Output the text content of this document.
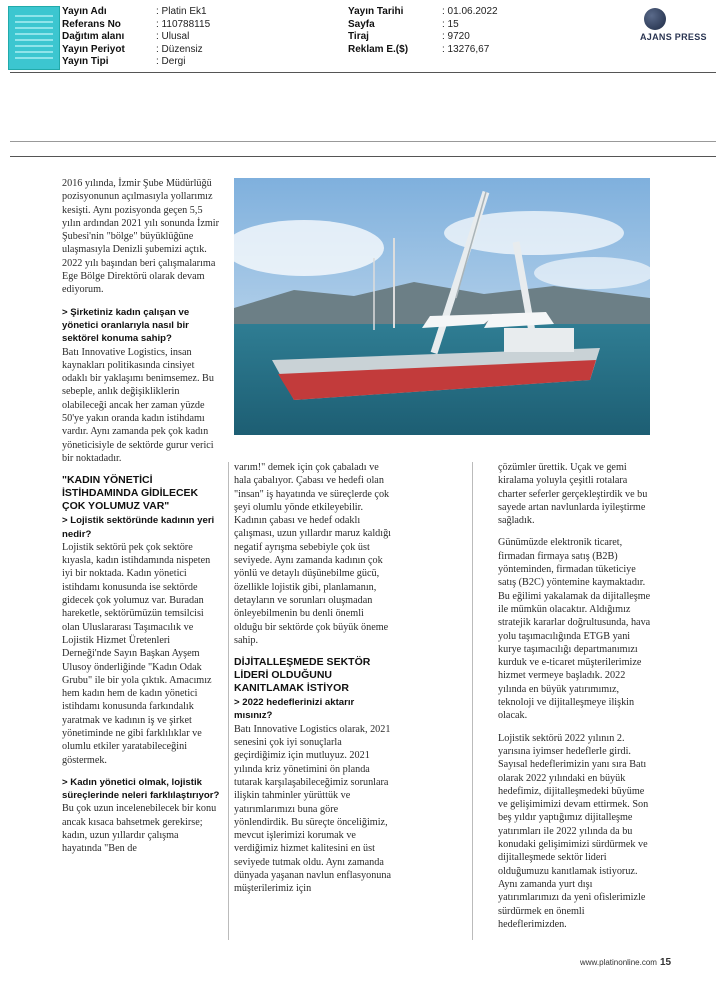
Yayın Adı	: Platin Ek1
Referans No	: 110788115
Dağıtım alanı	: Ulusal
Yayın Periyot	: Düzensiz
Yayın Tipi	: Dergi
Yayın Tarihi	: 01.06.2022
Sayfa	: 15
Tiraj	: 9720
Reklam E.($)	: 13276,67
AJANS PRESS

2016 yılında, İzmir Şube Müdürlüğü pozisyonunun açılmasıyla yollarımız kesişti. Aynı pozisyonda geçen 5,5 yılın ardından 2021 yılı sonunda İzmir Şubesi'nin "bölge" büyüklüğüne ulaşmasıyla Denizli şubemizi açtık. 2022 yılı başından beri çalışmalarıma Ege Bölge Direktörü olarak devam ediyorum.

> Şirketiniz kadın çalışan ve yönetici oranlarıyla nasıl bir sektörel konuma sahip?

Batı Innovative Logistics, insan kaynakları politikasında cinsiyet odaklı bir yaklaşımı benimsemez. Bu sebeple, anlık değişikliklerin olabileceği ancak her zaman yüzde 50'ye yakın oranda kadın istihdamı vardır. Aynı zamanda pek çok kadın yöneticisiyle de sektörde gurur verici bir noktadadır.

"KADIN YÖNETİCİ İSTİHDAMINDA GİDİLECEK ÇOK YOLUMUZ VAR"

> Lojistik sektöründe kadının yeri nedir?

Lojistik sektörü pek çok sektöre kıyasla, kadın istihdamında nispeten iyi bir noktada. Kadın yönetici istihdamı konusunda ise sektörde gidecek çok yolumuz var. Buradan hareketle, sektörümüzün temsilcisi olan Uluslararası Taşımacılık ve Lojistik Hizmet Üretenleri Derneği'nde Sayın Başkan Ayşem Ulusoy önderliğinde "Kadın Odak Grubu" ile bir yola çıktık. Amacımız hem kadın hem de kadın yönetici istihdamı konusunda farkındalık yaratmak ve kadının iş ve şirket yönetiminde ne gibi farklılıklar ve olumlu etkiler yaratabileceğini göstermek.

> Kadın yönetici olmak, lojistik süreçlerinde neleri farklılaştırıyor?

Bu çok uzun incelenebilecek bir konu ancak kısaca bahsetmek gerekirse; kadın, uzun yıllardır çalışma hayatında "Ben de

varım!" demek için çok çabaladı ve hala çabalıyor. Çabası ve hedefi olan "insan" iş hayatında ve süreçlerde çok şeyi olumlu yönde etkileyebilir. Kadının çabası ve hedef odaklı çalışması, uzun yıllardır maruz kaldığı negatif ayrışma sebebiyle çok üst seviyede. Aynı zamanda kadının çok yönlü ve detaylı düşünebilme gücü, özellikle lojistik gibi, planlamanın, detayların ve sorunları oluşmadan önleyebilmenin bu denli önemli olduğu bir sektörde çok büyük öneme sahip.

DİJİTALLEŞMEDE SEKTÖR LİDERİ OLDUĞUNU KANITLAMAK İSTİYOR

> 2022 hedeflerinizi aktarır mısınız?

Batı Innovative Logistics olarak, 2021 senesini çok iyi sonuçlarla geçirdiğimiz için mutluyuz. 2021 yılında kriz yönetimini ön planda tutarak karşılaşabileceğimiz sorunlara ilişkin tahminler yürüttük ve yatırımlarımızı buna göre yönlendirdik. Bu süreçte önceliğimiz, mevcut işlerimizi korumak ve verdiğimiz hizmet kalitesini en üst seviyede tutmak oldu. Aynı zamanda dünyada yaşanan navlun enflasyonuna müşterilerimiz için

çözümler ürettik. Uçak ve gemi kiralama yoluyla çeşitli rotalara charter seferler gerçekleştirdik ve bu sayede artan navlunlarda iyileştirme sağladık.

Günümüzde elektronik ticaret, firmadan firmaya satış (B2B) yönteminden, firmadan tüketiciye satış (B2C) yöntemine kaymaktadır. Bu eğilimi yakalamak da dijitalleşme ile mümkün olacaktır. Aldığımız stratejik kararlar doğrultusunda, hava yolu taşımacılığında ETGB yani kurye taşımacılığı departmanımızı kurduk ve e-ticaret müşterilerimize hizmet vermeye başladık. 2022 yılında en büyük yatırımımız, teknoloji ve dijitalleşmeye ilişkin olacak.

Lojistik sektörü 2022 yılının 2. yarısına iyimser hedeflerle girdi. Sayısal hedeflerimizin yanı sıra Batı olarak 2022 yılındaki en büyük hedefimiz, dijitalleşmedeki büyüme ve gelişimimizi devam ettirmek. Son beş yıldır yaptığımız dijitalleşme yatırımları ile 2022 yılında da bu konudaki gelişimimizi sürdürmek ve dijitalleşmede sektör lideri olduğumuzu kanıtlamak istiyoruz. Aynı zamanda yurt dışı yatırımlarımızı da yeni ofislerimizle sürdürmek en önemli hedeflerimizden.

www.platinonline.com 15
